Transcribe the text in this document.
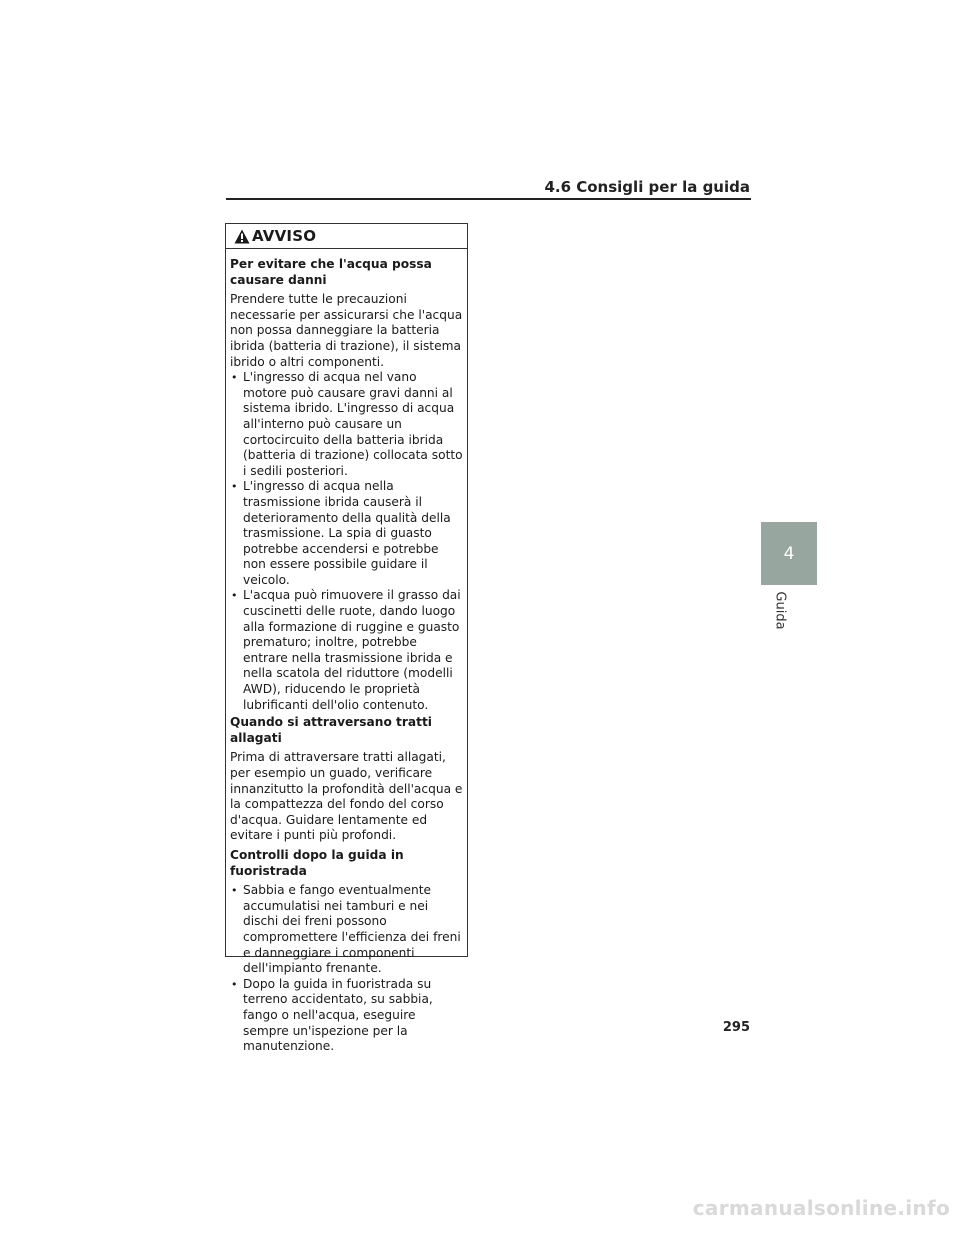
4.6 Consigli per la guida
AVVISO
Per evitare che l'acqua possa causare danni

Prendere tutte le precauzioni necessarie per assicurarsi che l'acqua non possa danneggiare la batteria ibrida (batteria di trazione), il sistema ibrido o altri componenti.

• L'ingresso di acqua nel vano motore può causare gravi danni al sistema ibrido. L'ingresso di acqua all'interno può causare un cortocircuito della batteria ibrida (batteria di trazione) collocata sotto i sedili posteriori.
• L'ingresso di acqua nella trasmissione ibrida causerà il deterioramento della qualità della trasmissione. La spia di guasto potrebbe accendersi e potrebbe non essere possibile guidare il veicolo.
• L'acqua può rimuovere il grasso dai cuscinetti delle ruote, dando luogo alla formazione di ruggine e guasto prematuro; inoltre, potrebbe entrare nella trasmissione ibrida e nella scatola del riduttore (modelli AWD), riducendo le proprietà lubrificanti dell'olio contenuto.
Quando si attraversano tratti allagati

Prima di attraversare tratti allagati, per esempio un guado, verificare innanzitutto la profondità dell'acqua e la compattezza del fondo del corso d'acqua. Guidare lentamente ed evitare i punti più profondi.

Controlli dopo la guida in fuoristrada
• Sabbia e fango eventualmente accumulatisi nei tamburi e nei dischi dei freni possono compromettere l'efficienza dei freni e danneggiare i componenti dell'impianto frenante.
• Dopo la guida in fuoristrada su terreno accidentato, su sabbia, fango o nell'acqua, eseguire sempre un'ispezione per la manutenzione.
4
Guida
295
carmanualsonline.info
